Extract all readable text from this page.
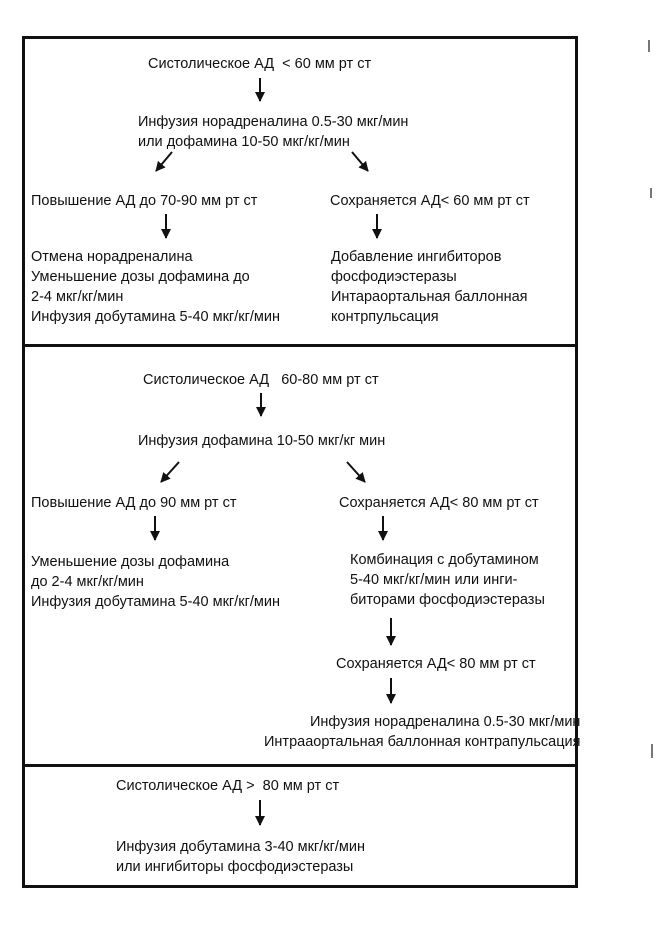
Систолическое АД  < 60 мм рт ст
Инфузия норадреналина 0.5-30 мкг/мин
или дофамина 10-50 мкг/кг/мин
Повышение АД до 70-90 мм рт ст	Сохраняется АД< 60 мм рт ст
Отмена норадреналина
Уменьшение дозы дофамина до
2-4 мкг/кг/мин
Инфузия добутамина 5-40 мкг/кг/мин
Добавление ингибиторов
фосфодиэстеразы
Интараортальная баллонная
контрпульсация
Систолическое АД   60-80 мм рт ст
Инфузия дофамина 10-50 мкг/кг мин
Повышение АД до 90 мм рт ст	Сохраняется АД< 80 мм рт ст
Уменьшение дозы дофамина
до 2-4 мкг/кг/мин
Инфузия добутамина 5-40 мкг/кг/мин
Комбинация с добутамином
5-40 мкг/кг/мин или инги-
биторами фосфодиэстеразы
Сохраняется АД< 80 мм рт ст
Инфузия норадреналина 0.5-30 мкг/мин
Интрааортальная баллонная контрапульсация
Систолическое АД >  80 мм рт ст
Инфузия добутамина 3-40 мкг/кг/мин
или ингибиторы фосфодиэстеразы
